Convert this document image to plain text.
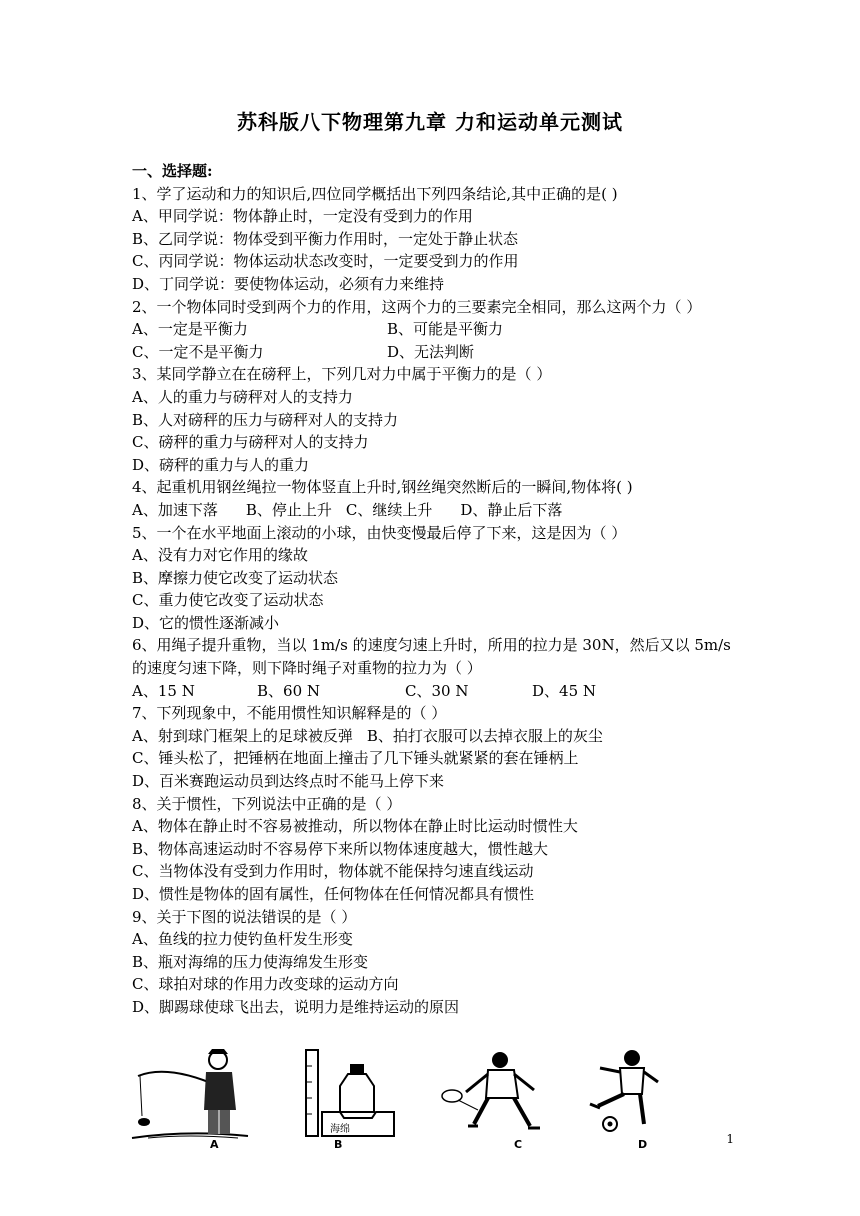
苏科版八下物理第九章 力和运动单元测试
一、选择题:
1、学了运动和力的知识后,四位同学概括出下列四条结论,其中正确的是( )
A、甲同学说：物体静止时，一定没有受到力的作用
B、乙同学说：物体受到平衡力作用时，一定处于静止状态
C、丙同学说：物体运动状态改变时，一定要受到力的作用
D、丁同学说：要使物体运动，必须有力来维持
2、一个物体同时受到两个力的作用，这两个力的三要素完全相同，那么这两个力（ ）
A、一定是平衡力	B、可能是平衡力
C、一定不是平衡力	D、无法判断
3、某同学静立在在磅秤上，下列几对力中属于平衡力的是（ ）
A、人的重力与磅秤对人的支持力
B、人对磅秤的压力与磅秤对人的支持力
C、磅秤的重力与磅秤对人的支持力
D、磅秤的重力与人的重力
4、起重机用钢丝绳拉一物体竖直上升时,钢丝绳突然断后的一瞬间,物体将( )
A、加速下落 B、停止上升 C、继续上升 D、静止后下落
5、一个在水平地面上滚动的小球，由快变慢最后停了下来，这是因为（ ）
A、没有力对它作用的缘故
B、摩擦力使它改变了运动状态
C、重力使它改变了运动状态
D、它的惯性逐渐减小
6、用绳子提升重物，当以 1m/s 的速度匀速上升时，所用的拉力是 30N，然后又以 5m/s 的速度匀速下降，则下降时绳子对重物的拉力为（ ）
A、15 N	B、60 N	C、30 N	D、45 N
7、下列现象中，不能用惯性知识解释是的（ ）
A、射到球门框架上的足球被反弹 B、拍打衣服可以去掉衣服上的灰尘
C、锤头松了，把锤柄在地面上撞击了几下锤头就紧紧的套在锤柄上
D、百米赛跑运动员到达终点时不能马上停下来
8、关于惯性，下列说法中正确的是（ ）
A、物体在静止时不容易被推动，所以物体在静止时比运动时惯性大
B、物体高速运动时不容易停下来所以物体速度越大，惯性越大
C、当物体没有受到力作用时，物体就不能保持匀速直线运动
D、惯性是物体的固有属性，任何物体在任何情况都具有惯性
9、关于下图的说法错误的是（ ）
A、鱼线的拉力使钓鱼杆发生形变
B、瓶对海绵的压力使海绵发生形变
C、球拍对球的作用力改变球的运动方向
D、脚踢球使球飞出去，说明力是维持运动的原因
A
海绵
B	C	D	1
